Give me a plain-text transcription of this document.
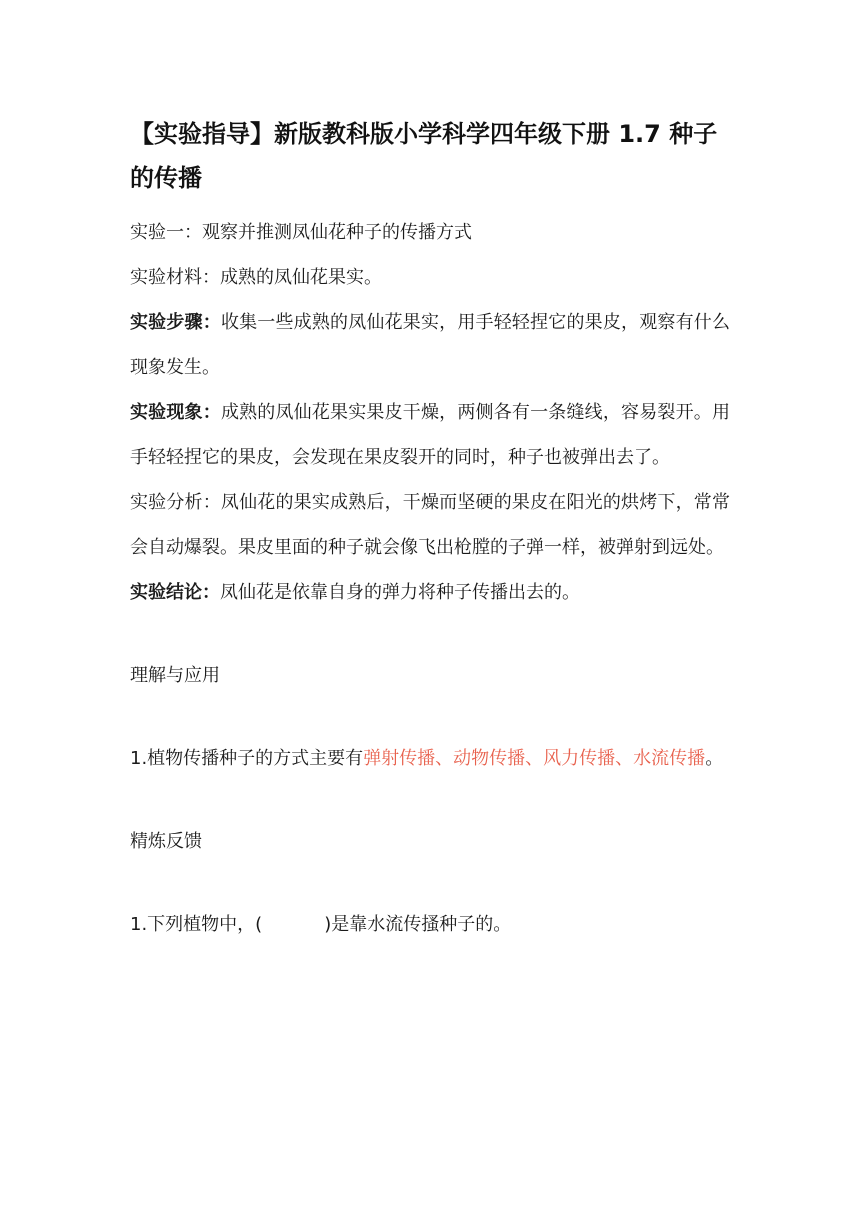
【实验指导】新版教科版小学科学四年级下册 1.7 种子的传播

实验一：观察并推测凤仙花种子的传播方式

实验材料：成熟的凤仙花果实。

实验步骤：收集一些成熟的凤仙花果实，用手轻轻捏它的果皮，观察有什么现象发生。

实验现象：成熟的凤仙花果实果皮干燥，两侧各有一条缝线，容易裂开。用手轻轻捏它的果皮，会发现在果皮裂开的同时，种子也被弹出去了。

实验分析：凤仙花的果实成熟后，干燥而坚硬的果皮在阳光的烘烤下，常常会自动爆裂。果皮里面的种子就会像飞出枪膛的子弹一样，被弹射到远处。

实验结论：凤仙花是依靠自身的弹力将种子传播出去的。

理解与应用

1.植物传播种子的方式主要有弹射传播、动物传播、风力传播、水流传播。

精炼反馈

1.下列植物中，(	)是靠水流传搔种子的。
